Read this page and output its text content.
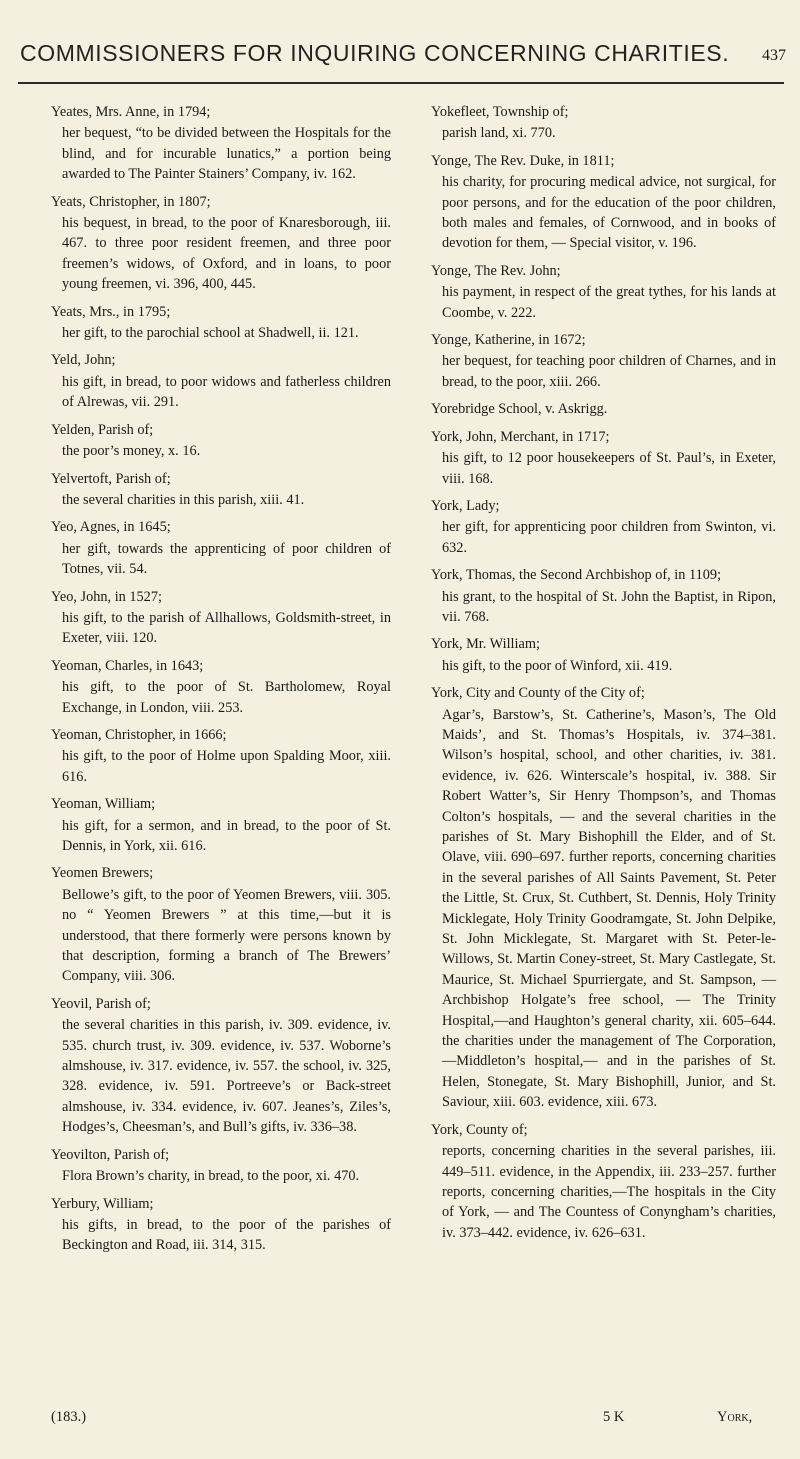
COMMISSIONERS FOR INQUIRING CONCERNING CHARITIES. 437
Yeates, Mrs. Anne, in 1794;
her bequest, “to be divided between the Hospitals for the blind, and for incurable lunatics,” a portion being awarded to The Painter Stainers’ Company, iv. 162.
Yeats, Christopher, in 1807;
his bequest, in bread, to the poor of Knaresborough, iii. 467. to three poor resident freemen, and three poor freemen’s widows, of Oxford, and in loans, to poor young freemen, vi. 396, 400, 445.
Yeats, Mrs., in 1795;
her gift, to the parochial school at Shadwell, ii. 121.
Yeld, John;
his gift, in bread, to poor widows and fatherless children of Alrewas, vii. 291.
Yelden, Parish of;
the poor’s money, x. 16.
Yelvertoft, Parish of;
the several charities in this parish, xiii. 41.
Yeo, Agnes, in 1645;
her gift, towards the apprenticing of poor children of Totnes, vii. 54.
Yeo, John, in 1527;
his gift, to the parish of Allhallows, Goldsmith-street, in Exeter, viii. 120.
Yeoman, Charles, in 1643;
his gift, to the poor of St. Bartholomew, Royal Exchange, in London, viii. 253.
Yeoman, Christopher, in 1666;
his gift, to the poor of Holme upon Spalding Moor, xiii. 616.
Yeoman, William;
his gift, for a sermon, and in bread, to the poor of St. Dennis, in York, xii. 616.
Yeomen Brewers;
Bellowe’s gift, to the poor of Yeomen Brewers, viii. 305. no “ Yeomen Brewers ” at this time,—but it is understood, that there formerly were persons known by that description, forming a branch of The Brewers’ Company, viii. 306.
Yeovil, Parish of;
the several charities in this parish, iv. 309. evidence, iv. 535. church trust, iv. 309. evidence, iv. 537. Woborne’s almshouse, iv. 317. evidence, iv. 557. the school, iv. 325, 328. evidence, iv. 591. Portreeve’s or Back-street almshouse, iv. 334. evidence, iv. 607. Jeanes’s, Ziles’s, Hodges’s, Cheesman’s, and Bull’s gifts, iv. 336–38.
Yeovilton, Parish of;
Flora Brown’s charity, in bread, to the poor, xi. 470.
Yerbury, William;
his gifts, in bread, to the poor of the parishes of Beckington and Road, iii. 314, 315.
Yokefleet, Township of;
parish land, xi. 770.
Yonge, The Rev. Duke, in 1811;
his charity, for procuring medical advice, not surgical, for poor persons, and for the education of the poor children, both males and females, of Cornwood, and in books of devotion for them, — Special visitor, v. 196.
Yonge, The Rev. John;
his payment, in respect of the great tythes, for his lands at Coombe, v. 222.
Yonge, Katherine, in 1672;
her bequest, for teaching poor children of Charnes, and in bread, to the poor, xiii. 266.
Yorebridge School, v. Askrigg.
York, John, Merchant, in 1717;
his gift, to 12 poor housekeepers of St. Paul’s, in Exeter, viii. 168.
York, Lady;
her gift, for apprenticing poor children from Swinton, vi. 632.
York, Thomas, the Second Archbishop of, in 1109;
his grant, to the hospital of St. John the Baptist, in Ripon, vii. 768.
York, Mr. William;
his gift, to the poor of Winford, xii. 419.
York, City and County of the City of;
Agar’s, Barstow’s, St. Catherine’s, Mason’s, The Old Maids’, and St. Thomas’s Hospitals, iv. 374–381. Wilson’s hospital, school, and other charities, iv. 381. evidence, iv. 626. Winterscale’s hospital, iv. 388. Sir Robert Watter’s, Sir Henry Thompson’s, and Thomas Colton’s hospitals, — and the several charities in the parishes of St. Mary Bishophill the Elder, and of St. Olave, viii. 690–697. further reports, concerning charities in the several parishes of All Saints Pavement, St. Peter the Little, St. Crux, St. Cuthbert, St. Dennis, Holy Trinity Micklegate, Holy Trinity Goodramgate, St. John Delpike, St. John Micklegate, St. Margaret with St. Peter-le-Willows, St. Martin Coney-street, St. Mary Castlegate, St. Maurice, St. Michael Spurriergate, and St. Sampson, — Archbishop Holgate’s free school, — The Trinity Hospital,—and Haughton’s general charity, xii. 605–644. the charities under the management of The Corporation,—Middleton’s hospital,— and in the parishes of St. Helen, Stonegate, St. Mary Bishophill, Junior, and St. Saviour, xiii. 603. evidence, xiii. 673.
York, County of;
reports, concerning charities in the several parishes, iii. 449–511. evidence, in the Appendix, iii. 233–257. further reports, concerning charities,—The hospitals in the City of York, — and The Countess of Conyngham’s charities, iv. 373–442. evidence, iv. 626–631.
(183.)	5 K	York,
